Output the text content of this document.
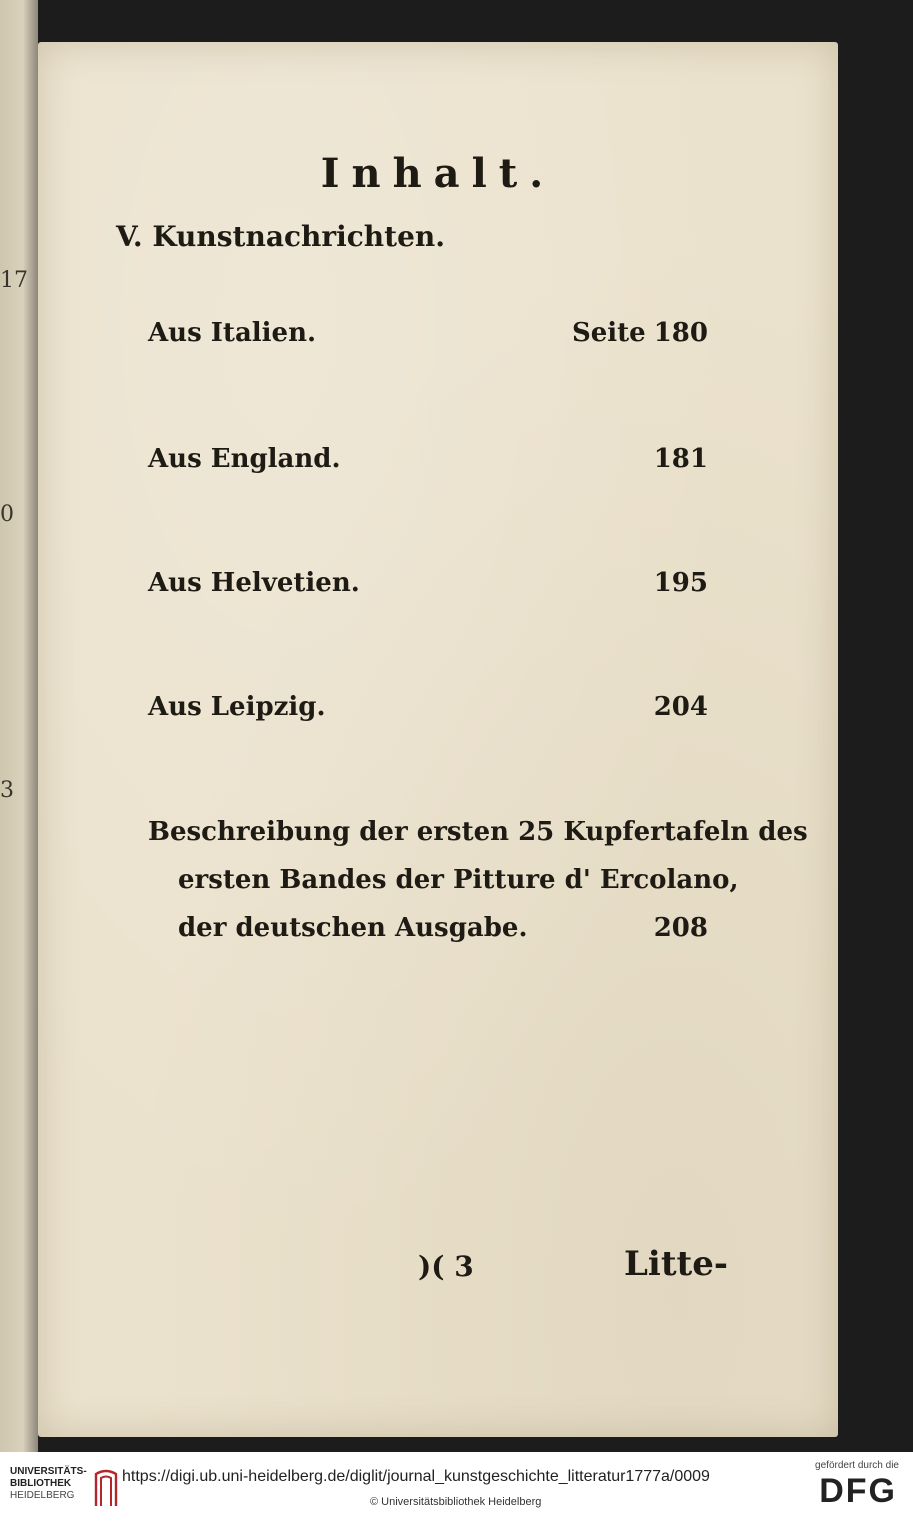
17
0
3
Inhalt.
V. Kunstnachrichten.
Aus Italien.	Seite 180
Aus England.	181
Aus Helvetien.	195
Aus Leipzig.	204
Beschreibung der ersten 25 Kupfertafeln des
ersten Bandes der Pitture d' Ercolano,
der deutschen Ausgabe.	208
)( 3	Litte-
UNIVERSITÄTS-
BIBLIOTHEK
HEIDELBERG
https://digi.ub.uni-heidelberg.de/diglit/journal_kunstgeschichte_litteratur1777a/0009
© Universitätsbibliothek Heidelberg
gefördert durch die
DFG
